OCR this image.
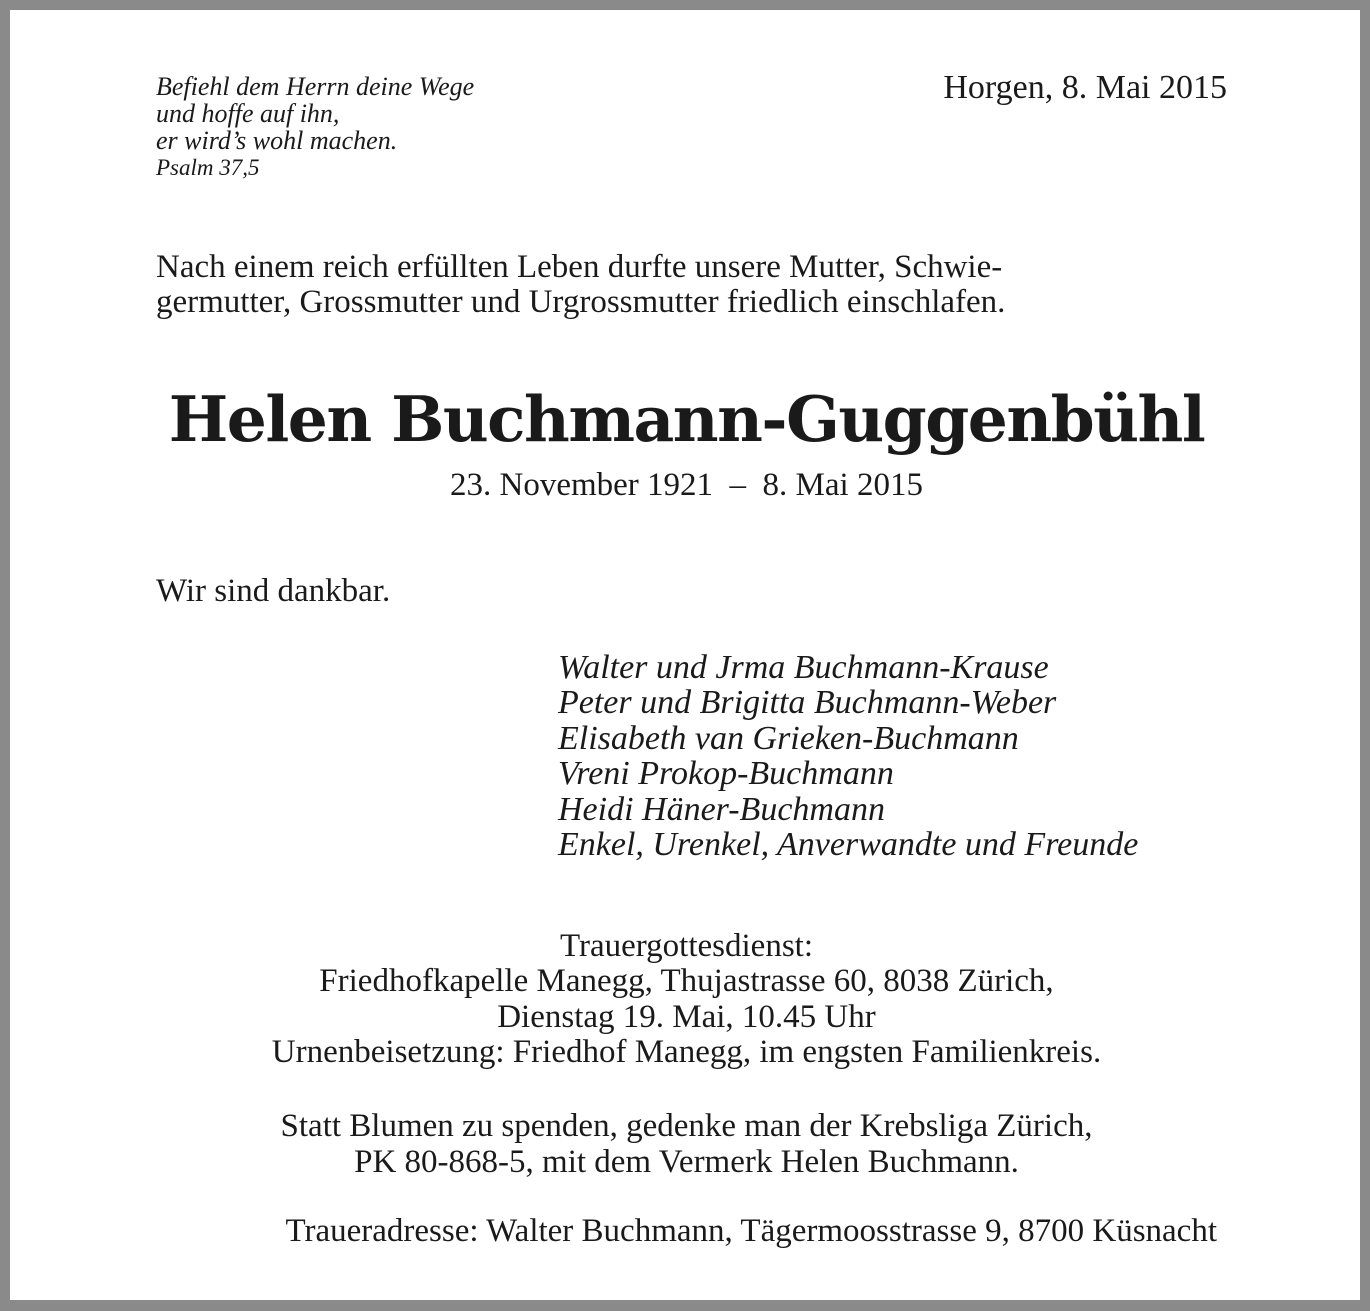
Befiehl dem Herrn deine Wege
und hoffe auf ihn,
er wird’s wohl machen.
Psalm 37,5
Horgen, 8. Mai 2015
Nach einem reich erfüllten Leben durfte unsere Mutter, Schwie-
germutter, Grossmutter und Urgrossmutter friedlich einschlafen.
Helen Buchmann-Guggenbühl
23. November 1921  –  8. Mai 2015
Wir sind dankbar.
Walter und Jrma Buchmann-Krause
Peter und Brigitta Buchmann-Weber
Elisabeth van Grieken-Buchmann
Vreni Prokop-Buchmann
Heidi Häner-Buchmann
Enkel, Urenkel, Anverwandte und Freunde
Trauergottesdienst:
Friedhofkapelle Manegg, Thujastrasse 60, 8038 Zürich,
Dienstag 19. Mai, 10.45 Uhr
Urnenbeisetzung: Friedhof Manegg, im engsten Familienkreis.
Statt Blumen zu spenden, gedenke man der Krebsliga Zürich,
PK 80-868-5, mit dem Vermerk Helen Buchmann.
Traueradresse: Walter Buchmann, Tägermoosstrasse 9, 8700 Küsnacht
